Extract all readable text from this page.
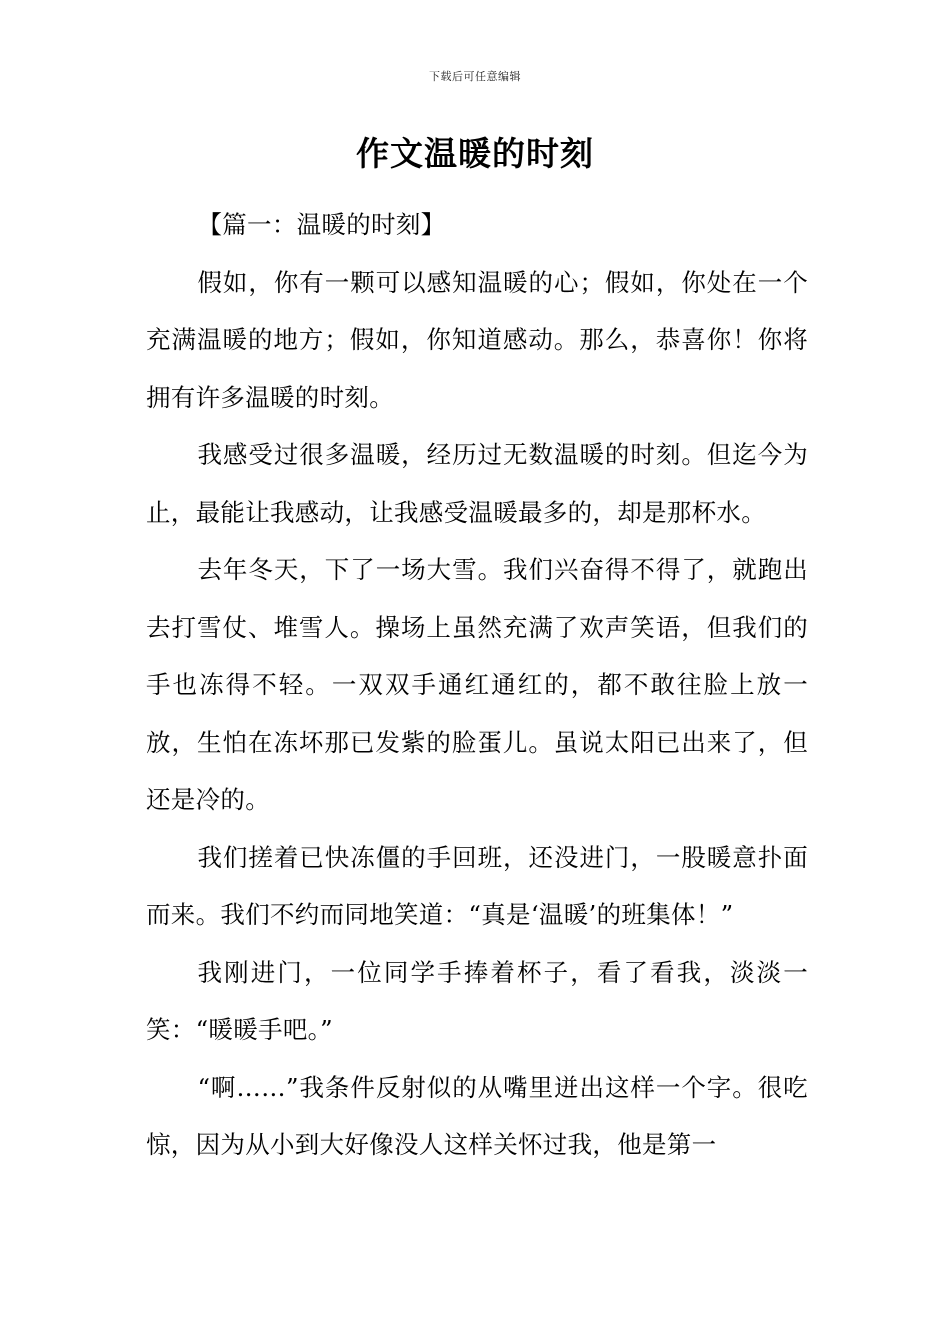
下载后可任意编辑
作文温暖的时刻

【篇一：温暖的时刻】

假如，你有一颗可以感知温暖的心；假如，你处在一个充满温暖的地方；假如，你知道感动。那么，恭喜你！你将拥有许多温暖的时刻。

我感受过很多温暖，经历过无数温暖的时刻。但迄今为止，最能让我感动，让我感受温暖最多的，却是那杯水。

去年冬天，下了一场大雪。我们兴奋得不得了，就跑出去打雪仗、堆雪人。操场上虽然充满了欢声笑语，但我们的手也冻得不轻。一双双手通红通红的，都不敢往脸上放一放，生怕在冻坏那已发紫的脸蛋儿。虽说太阳已出来了，但还是冷的。

我们搓着已快冻僵的手回班，还没进门，一股暖意扑面而来。我们不约而同地笑道：“真是‘温暖’的班集体！”

我刚进门，一位同学手捧着杯子，看了看我，淡淡一笑：“暖暖手吧。”

“啊……”我条件反射似的从嘴里迸出这样一个字。很吃惊，因为从小到大好像没人这样关怀过我，他是第一
